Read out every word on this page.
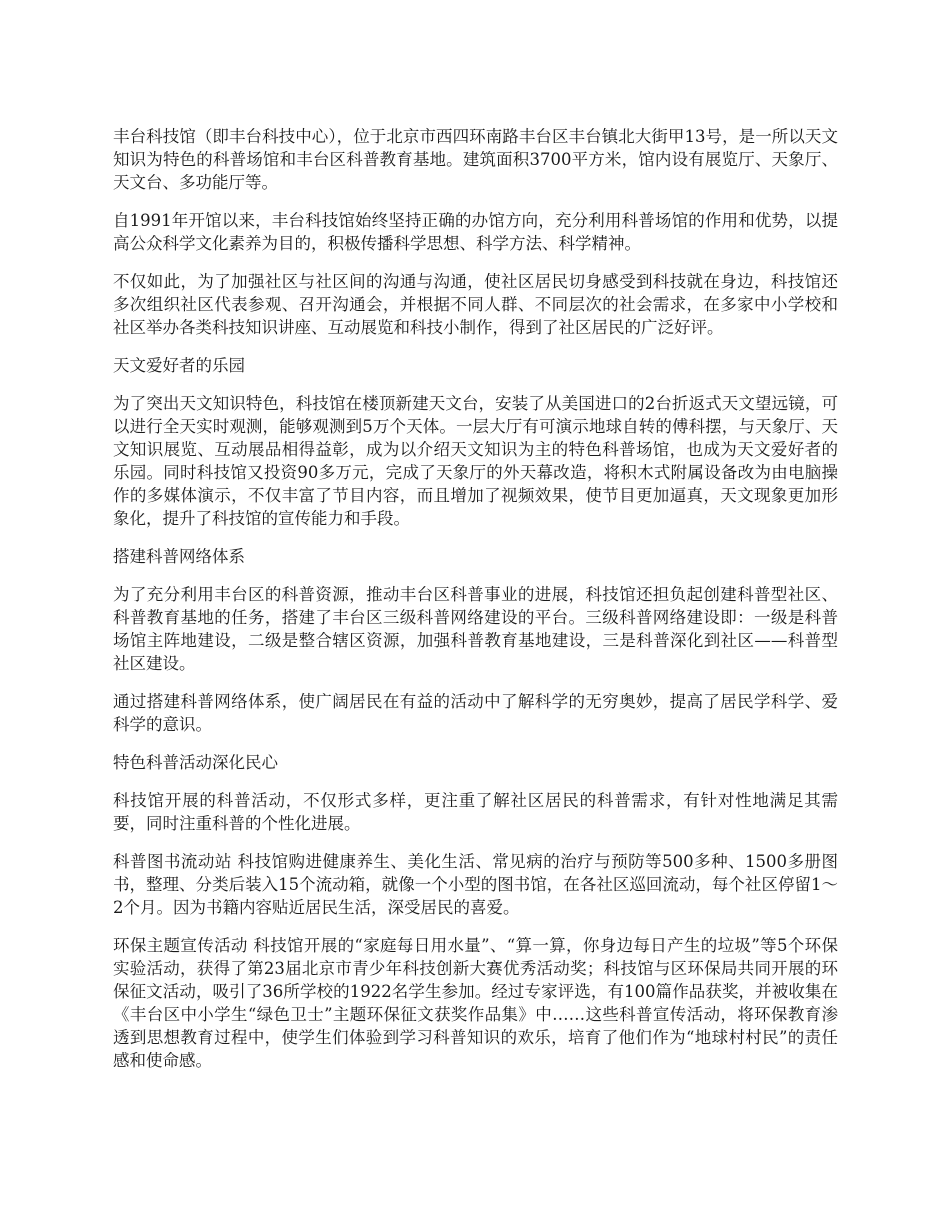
丰台科技馆（即丰台科技中心），位于北京市西四环南路丰台区丰台镇北大街甲13号，是一所以天文知识为特色的科普场馆和丰台区科普教育基地。建筑面积3700平方米，馆内设有展览厅、天象厅、天文台、多功能厅等。

自1991年开馆以来，丰台科技馆始终坚持正确的办馆方向，充分利用科普场馆的作用和优势，以提高公众科学文化素养为目的，积极传播科学思想、科学方法、科学精神。

不仅如此，为了加强社区与社区间的沟通与沟通，使社区居民切身感受到科技就在身边，科技馆还多次组织社区代表参观、召开沟通会，并根据不同人群、不同层次的社会需求，在多家中小学校和社区举办各类科技知识讲座、互动展览和科技小制作，得到了社区居民的广泛好评。

天文爱好者的乐园

为了突出天文知识特色，科技馆在楼顶新建天文台，安装了从美国进口的2台折返式天文望远镜，可以进行全天实时观测，能够观测到5万个天体。一层大厅有可演示地球自转的傅科摆，与天象厅、天文知识展览、互动展品相得益彰，成为以介绍天文知识为主的特色科普场馆，也成为天文爱好者的乐园。同时科技馆又投资90多万元，完成了天象厅的外天幕改造，将积木式附属设备改为由电脑操作的多媒体演示，不仅丰富了节目内容，而且增加了视频效果，使节目更加逼真，天文现象更加形象化，提升了科技馆的宣传能力和手段。

搭建科普网络体系

为了充分利用丰台区的科普资源，推动丰台区科普事业的进展，科技馆还担负起创建科普型社区、科普教育基地的任务，搭建了丰台区三级科普网络建设的平台。三级科普网络建设即：一级是科普场馆主阵地建设，二级是整合辖区资源，加强科普教育基地建设，三是科普深化到社区——科普型社区建设。

通过搭建科普网络体系，使广阔居民在有益的活动中了解科学的无穷奥妙，提高了居民学科学、爱科学的意识。

特色科普活动深化民心

科技馆开展的科普活动，不仅形式多样，更注重了解社区居民的科普需求，有针对性地满足其需要，同时注重科普的个性化进展。

科普图书流动站 科技馆购进健康养生、美化生活、常见病的治疗与预防等500多种、1500多册图书，整理、分类后装入15个流动箱，就像一个小型的图书馆，在各社区巡回流动，每个社区停留1～2个月。因为书籍内容贴近居民生活，深受居民的喜爱。

环保主题宣传活动 科技馆开展的“家庭每日用水量”、“算一算，你身边每日产生的垃圾”等5个环保实验活动，获得了第23届北京市青少年科技创新大赛优秀活动奖；科技馆与区环保局共同开展的环保征文活动，吸引了36所学校的1922名学生参加。经过专家评选，有100篇作品获奖，并被收集在《丰台区中小学生“绿色卫士”主题环保征文获奖作品集》中……这些科普宣传活动，将环保教育渗透到思想教育过程中，使学生们体验到学习科普知识的欢乐，培育了他们作为“地球村村民”的责任感和使命感。
